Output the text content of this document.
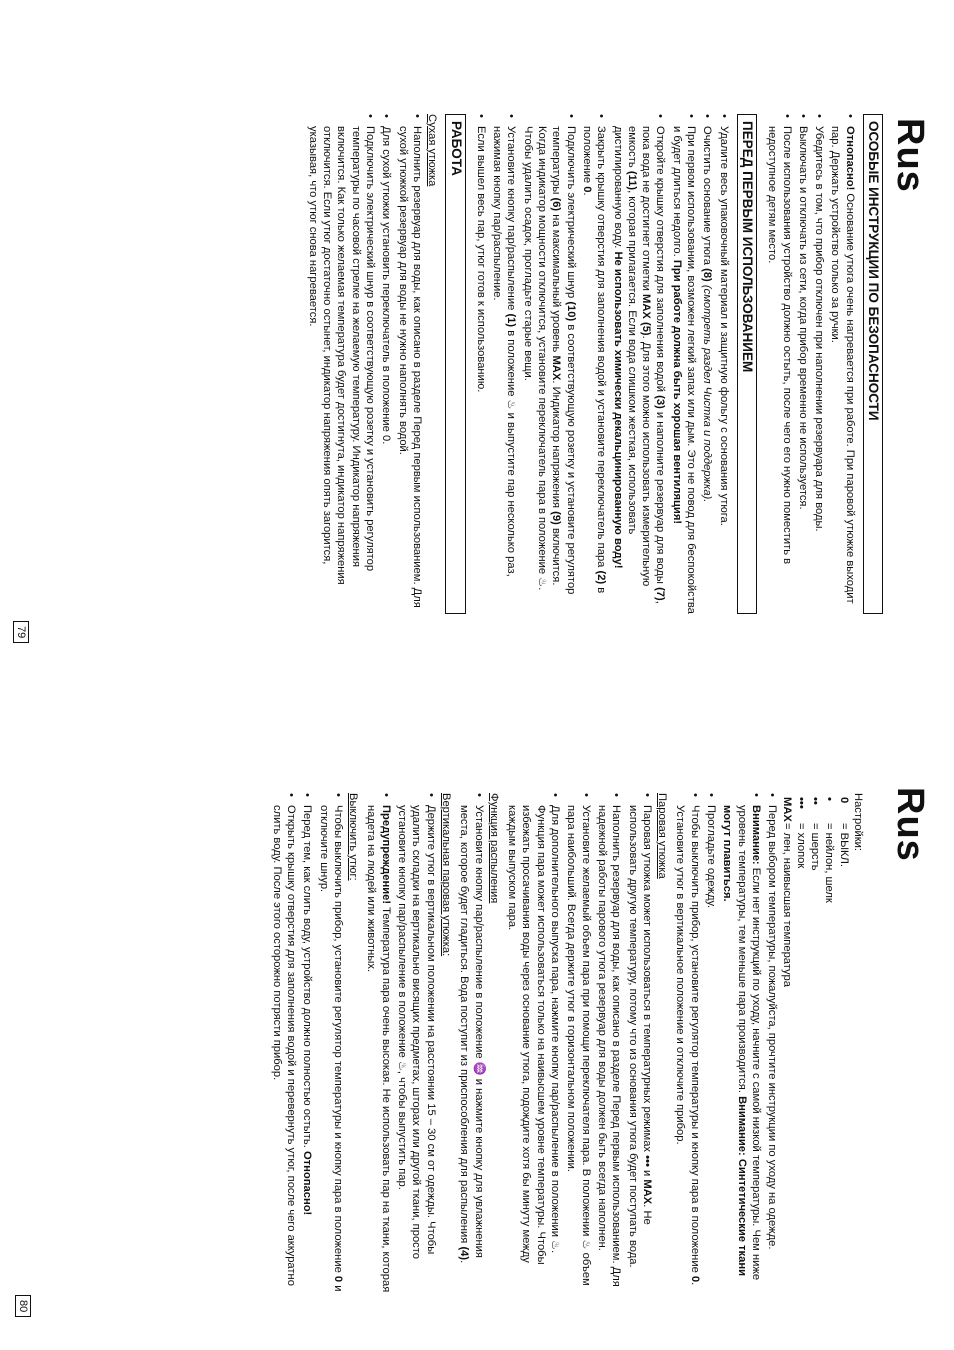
Rus
ОСОБЫЕ ИНСТРУКЦИИ ПО БЕЗОПАСНОСТИ
• Отнопасно! Основание утюга очень нагревается при работе. При паровой утюжке выходит пар. Держать устройство только за ручки.
• Убедитесь в том, что прибор отключен при наполнении резервуара для воды.
• Выключать и отключать из сети, когда прибор временно не используется.
• После использования устройство должно остыть, после чего его нужно поместить в недоступное детям место.
ПЕРЕД ПЕРВЫМ ИСПОЛЬЗОВАНИЕМ
• Удалите весь упаковочный материал и защитную фольгу с основания утюга.
• Очистить основание утюга (8) (смотреть раздел Чистка и поддержка).
• При первом использовании, возможен легкий запах или дым. Это не повод для беспокойства и будет длиться недолго. При работе должна быть хорошая вентиляция!
• Откройте крышку отверстия для заполнения водой (3) и наполните резервуар для воды (7), пока вода не достигнет отметки MAX (5). Для этого можно использовать измерительную емкость (11), которая прилагается. Если вода слишком жесткая, использовать дистилированную воду. Не использовать химически декальцинированную воду!
• Закрыть крышку отверстия для заполнения водой и установите переключатель пара (2) в положение 0.
• Подключить электрический шнур (10) в соответствующую розетку и установите регулятор температуры (6) на максимальный уровень MAX. Индикатор напряжения (9) включится. Когда индикатор мощности отключится, установите переключатель пара в положение ♨. Чтобы удалить осадок, прогладьте старые вещи.
• Установите кнопку пар/распыление (1) в положение ♨ и выпустите пар несколько раз, нажимая кнопку пар/распыление.
• Если вышел весь пар, утюг готов к использованию.
РАБОТА
Сухая утюжка
• Наполнить резервуар для воды, как описано в разделе Перед первым использованием. Для сухой утюжкой резервуар для воды не нужно наполнять водой.
• Для сухой утюжки установить переключатель в положение 0.
• Подключить электрический шнур в соответствующую розетку и установить регулятор температуры по часовой стрелке на желаемую температуру. Индикатор напряжения включится. Как только желаемая температура будет достигнута, индикатор напряжения отключится. Если утюг достаточно остынет, индикатор напряжения опять загорится, указывая, что утюг снова нагревается.
79
Rus
Настройки:
0= ВЫКЛ.
•= нейлон, шелк
••= шерсть
•••= хлопок
MAX= лен, наивысшая температура
• Перед выбором температуры, пожалуйста, прочтите инструкции по уходу на одежде.
• Внимание: Если нет инструкций по уходу, начните с самой низкой температуры. Чем ниже уровень температуры, тем меньше пара производится. Внимание: Синтетические ткани могут плавиться.
• Прогладьте одежду.
• Чтобы выключить прибор, установите регулятор температуры и кнопку пара в положение 0. Установите утюг в вертикальное положение и отключите прибор.
Паровая утюжка
• Паровая утюжка может использоваться в температурных режимах ••• и MAX. Не использовать другую температуру, потому что из основания утюга будет поступать вода.
• Наполнить резервуар для воды, как описано в разделе Перед первым использованием. Для надежной работы парового утюга резервуар для воды должен быть всегда наполнен.
• Установите желаемый объем пара при помощи переключателя пара. В положении ♨ объем пара наибольший. Всегда держите утюг в горизонтальном положении.
• Для дополнительного выпуска пара, нажмите кнопку пар/распыление в положении ♨. Функция пара может использоваться только на наивысшем уровне температуры. Чтобы избежать просачивания воды через основание утюга, подождите хотя бы минуту между каждым выпуском пара.
Функция распыления
• Установите кнопку пар/распыление в положение ♒ и нажмите кнопку для увлажнения места, которое будет гладиться. Вода поступит из приспособления для распыления (4).
Вертикальная паровая утюжка:
• Держите утюг в вертикальном положении на расстоянии 15 – 30 см от одежды. Чтобы удалить складки на вертикально висящих предметах, шторах или другой ткани, просто установите кнопку пар/распыление в положение ♨, чтобы выпустить пар.
• Предупреждение! Температура пара очень высокая. Не использовать пар на ткани, которая надета на людей или животных.
Выключить утюг:
• Чтобы выключить прибор, установите регулятор температуры и кнопку пара в положение 0 и отключите шнур.
• Перед тем, как слить воду, устройство должно полностью остыть. Отнопасно!
• Открыть крышку отверстия для заполнения водой и перевернуть утюг, после чего аккуратно слить воду. После этого осторожно потрясти прибор.
80
